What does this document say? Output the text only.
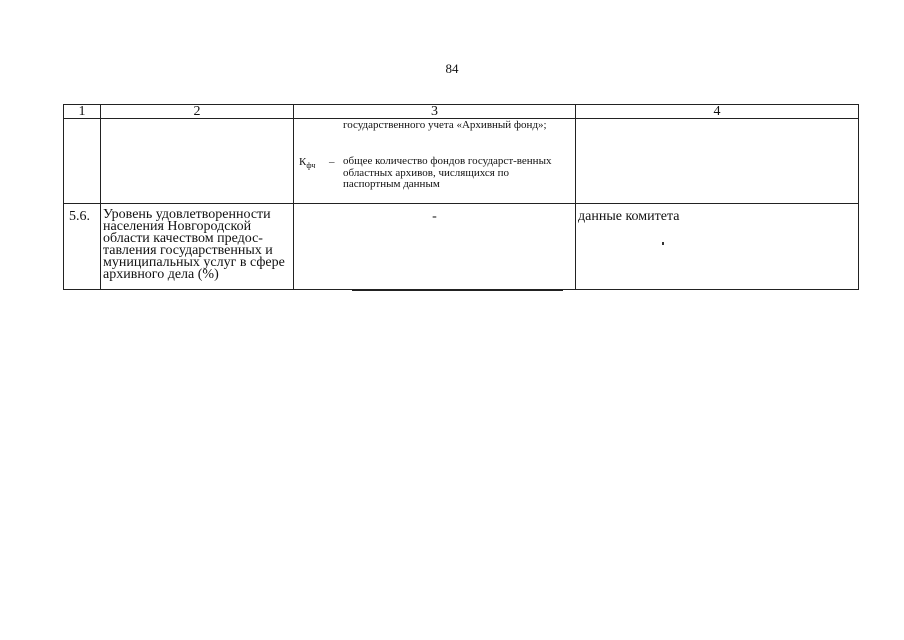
84
1	2	3	4

		государственного учета «Архивный фонд»;
$К_{фч}$ – общее количество фондов государст-венных областных архивов, числящихся по паспортным данным	

5.6.	Уровень удовлетворенности населения Новгородской области качеством предос-тавления государственных и муниципальных услуг в сфере архивного дела (%)	-	данные комитета
